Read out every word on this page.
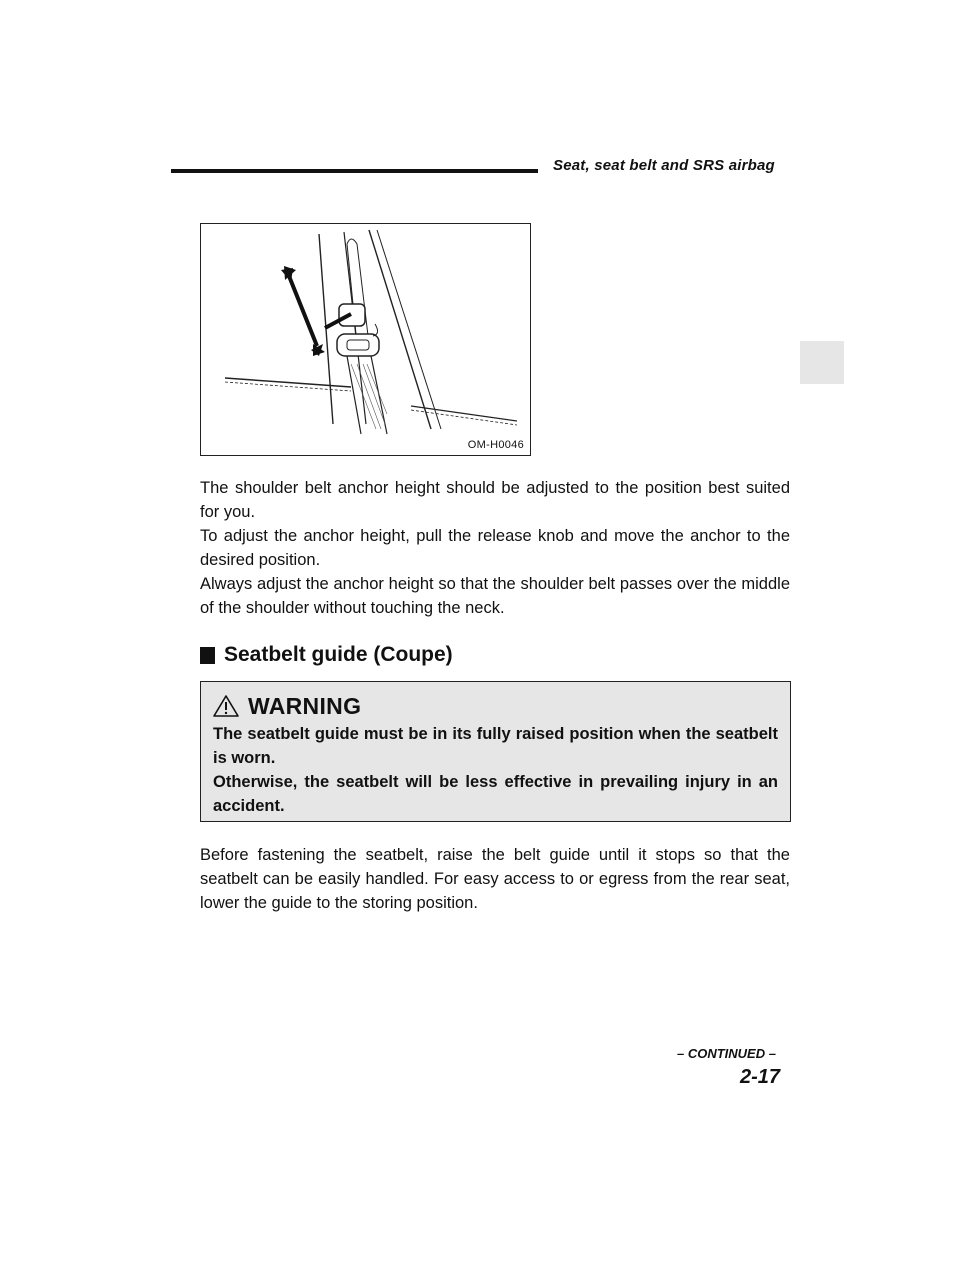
Seat, seat belt and SRS airbag
OM-H0046

The shoulder belt anchor height should be adjusted to the position best suited for you.

To adjust the anchor height, pull the release knob and move the anchor to the desired position.

Always adjust the anchor height so that the shoulder belt passes over the middle of the shoulder without touching the neck.

Seatbelt guide (Coupe)
WARNING

The seatbelt guide must be in its fully raised position when the seatbelt is worn.

Otherwise, the seatbelt will be less effective in prevailing injury in an accident.

Before fastening the seatbelt, raise the belt guide until it stops so that the seatbelt can be easily handled. For easy access to or egress from the rear seat, lower the guide to the storing position.

– CONTINUED –
2-17
